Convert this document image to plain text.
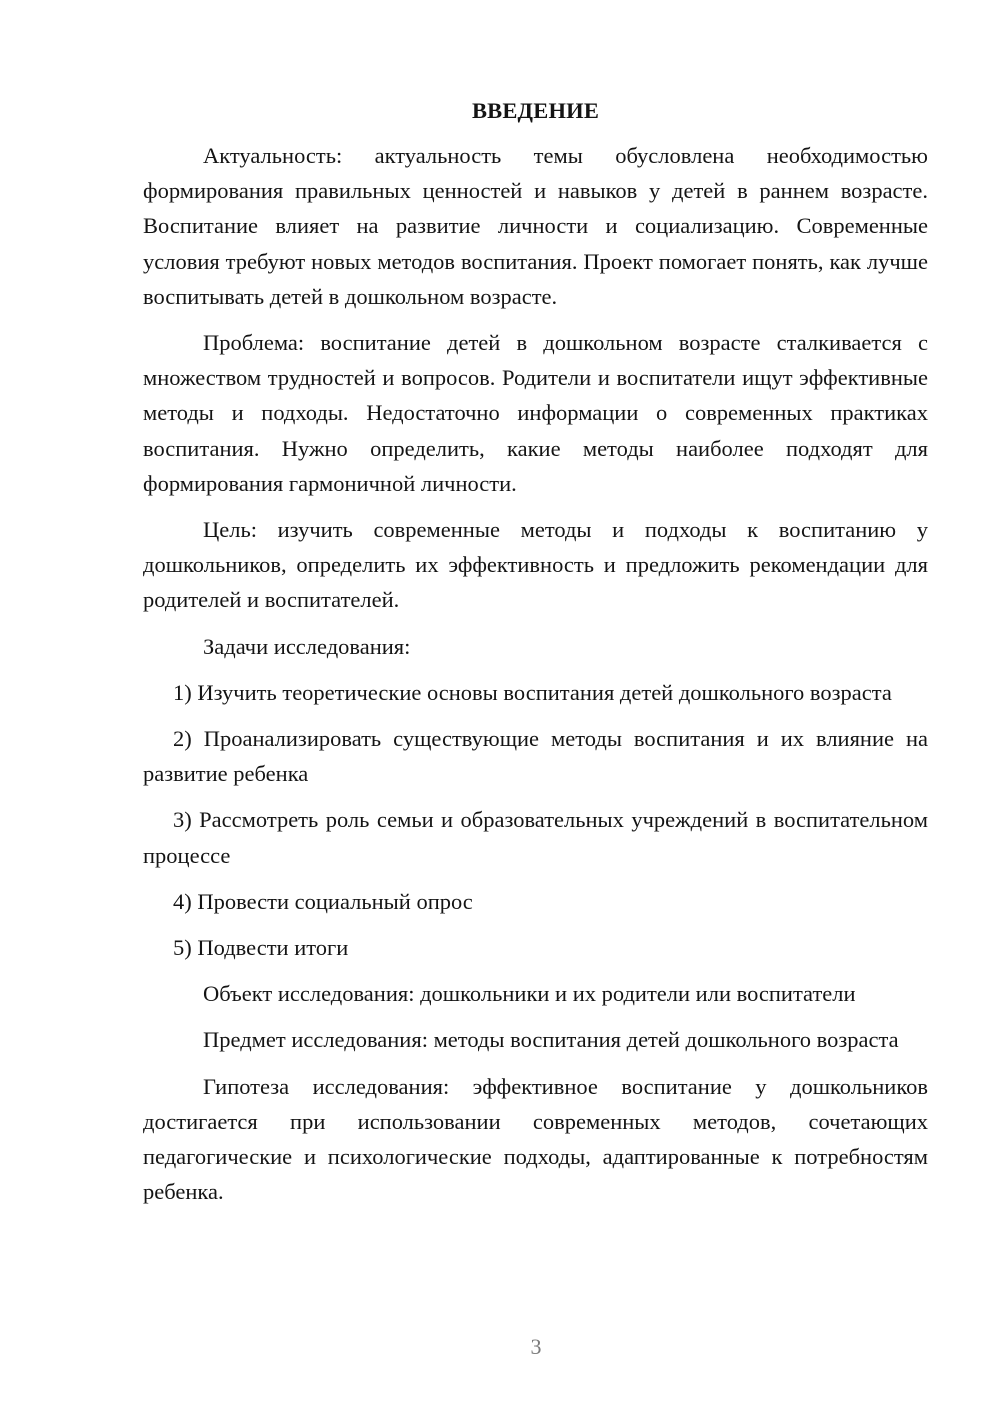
ВВЕДЕНИЕ

Актуальность: актуальность темы обусловлена необходимостью формирования правильных ценностей и навыков у детей в раннем возрасте. Воспитание влияет на развитие личности и социализацию. Современные условия требуют новых методов воспитания. Проект помогает понять, как лучше воспитывать детей в дошкольном возрасте.

Проблема: воспитание детей в дошкольном возрасте сталкивается с множеством трудностей и вопросов. Родители и воспитатели ищут эффективные методы и подходы. Недостаточно информации о современных практиках воспитания. Нужно определить, какие методы наиболее подходят для формирования гармоничной личности.

Цель: изучить современные методы и подходы к воспитанию у дошкольников, определить их эффективность и предложить рекомендации для родителей и воспитателей.

Задачи исследования:

1) Изучить теоретические основы воспитания детей дошкольного возраста

2) Проанализировать существующие методы воспитания и их влияние на развитие ребенка

3) Рассмотреть роль семьи и образовательных учреждений в воспитательном процессе

4) Провести социальный опрос

5) Подвести итоги

Объект исследования: дошкольники и их родители или воспитатели

Предмет исследования: методы воспитания детей дошкольного возраста

Гипотеза исследования: эффективное воспитание у дошкольников достигается при использовании современных методов, сочетающих педагогические и психологические подходы, адаптированные к потребностям ребенка.

3
